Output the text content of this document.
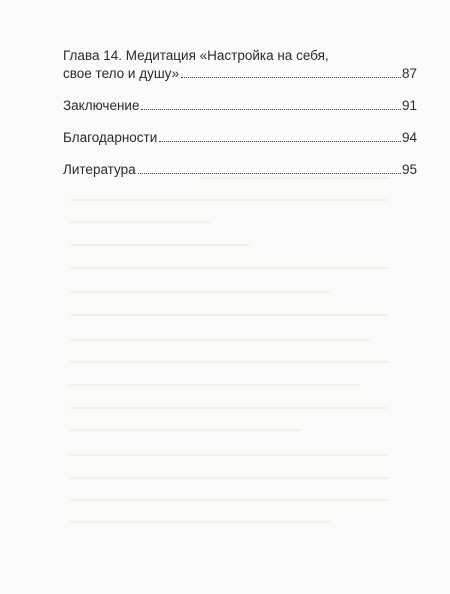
Глава 14. Медитация «Настройка на себя,
свое тело и душу»	87
Заключение	91
Благодарности	94
Литература	95
